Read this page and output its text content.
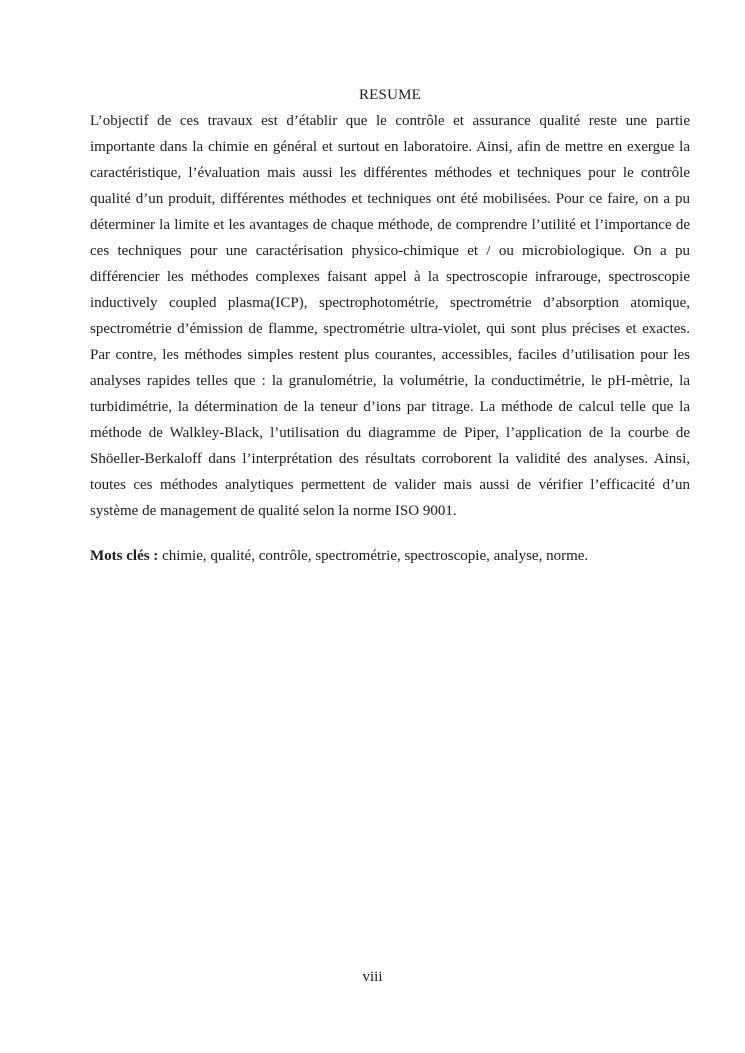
RESUME

L’objectif de ces travaux est d’établir que le contrôle et assurance qualité reste une partie importante dans la chimie en général et surtout en laboratoire. Ainsi, afin de mettre en exergue la caractéristique, l’évaluation mais aussi les différentes méthodes et techniques pour le contrôle qualité d’un produit, différentes méthodes et techniques ont été mobilisées. Pour ce faire, on a pu déterminer la limite et les avantages de chaque méthode, de comprendre l’utilité et l’importance de ces techniques pour une caractérisation physico-chimique et / ou microbiologique. On a pu différencier les méthodes complexes faisant appel à la spectroscopie infrarouge, spectroscopie inductively coupled plasma(ICP), spectrophotométrie, spectrométrie d’absorption atomique, spectrométrie d’émission de flamme, spectrométrie ultra-violet, qui sont plus précises et exactes. Par contre, les méthodes simples restent plus courantes, accessibles, faciles d’utilisation pour les analyses rapides telles que : la granulométrie, la volumétrie, la conductimétrie, le pH-mètrie, la turbidimétrie, la détermination de la teneur d’ions par titrage. La méthode de calcul telle que la méthode de Walkley-Black, l’utilisation du diagramme de Piper, l’application de la courbe de Shöeller-Berkaloff dans l’interprétation des résultats corroborent la validité des analyses. Ainsi, toutes ces méthodes analytiques permettent de valider mais aussi de vérifier l’efficacité d’un système de management de qualité selon la norme ISO 9001.

Mots clés : chimie, qualité, contrôle, spectrométrie, spectroscopie, analyse, norme.

viii
